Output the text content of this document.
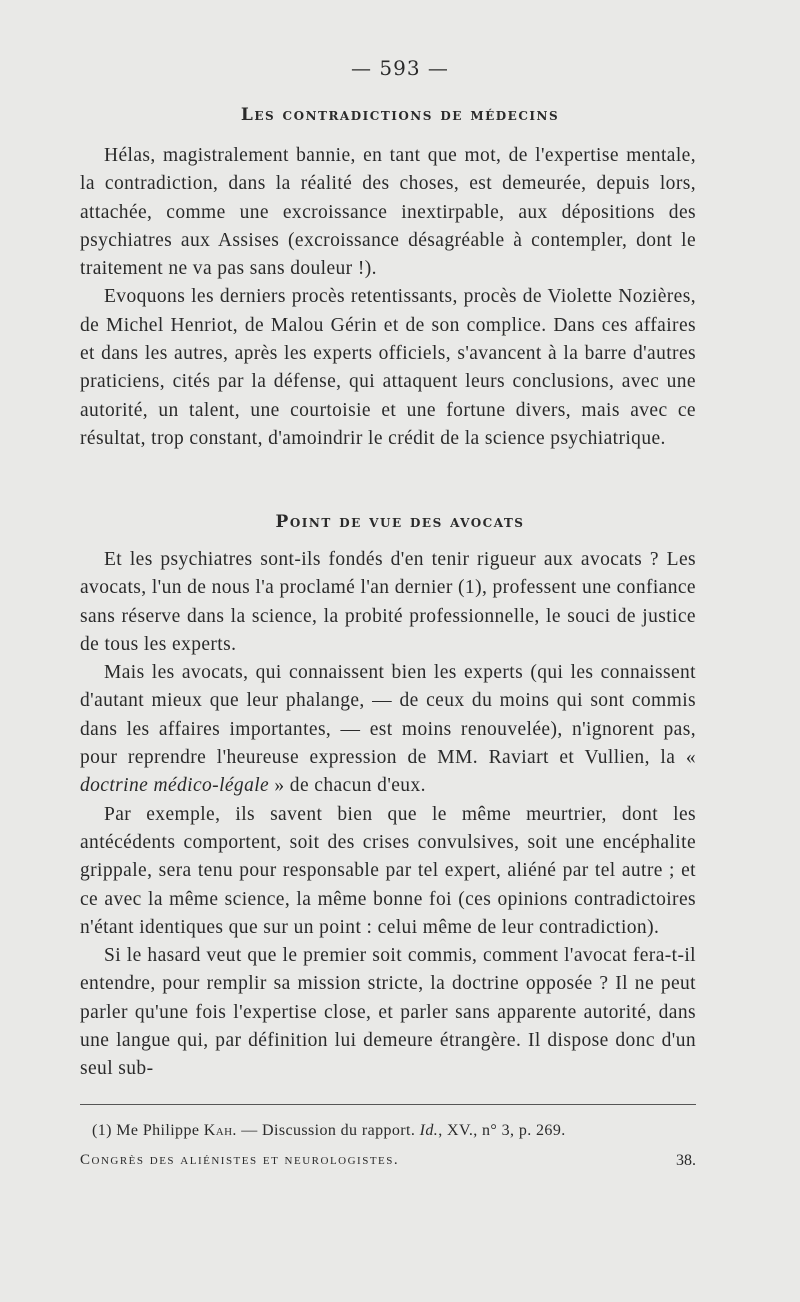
— 593 —
Les contradictions de médecins

Hélas, magistralement bannie, en tant que mot, de l'expertise mentale, la contradiction, dans la réalité des choses, est demeurée, depuis lors, attachée, comme une excroissance inextirpable, aux dépositions des psychiatres aux Assises (excroissance désagréable à contempler, dont le traitement ne va pas sans douleur !).

Evoquons les derniers procès retentissants, procès de Violette Nozières, de Michel Henriot, de Malou Gérin et de son complice. Dans ces affaires et dans les autres, après les experts officiels, s'avancent à la barre d'autres praticiens, cités par la défense, qui attaquent leurs conclusions, avec une autorité, un talent, une courtoisie et une fortune divers, mais avec ce résultat, trop constant, d'amoindrir le crédit de la science psychiatrique.

Point de vue des avocats

Et les psychiatres sont-ils fondés d'en tenir rigueur aux avocats ? Les avocats, l'un de nous l'a proclamé l'an dernier (1), professent une confiance sans réserve dans la science, la probité professionnelle, le souci de justice de tous les experts.

Mais les avocats, qui connaissent bien les experts (qui les connaissent d'autant mieux que leur phalange, — de ceux du moins qui sont commis dans les affaires importantes, — est moins renouvelée), n'ignorent pas, pour reprendre l'heureuse expression de MM. Raviart et Vullien, la « doctrine médico-légale » de chacun d'eux.

Par exemple, ils savent bien que le même meurtrier, dont les antécédents comportent, soit des crises convulsives, soit une encéphalite grippale, sera tenu pour responsable par tel expert, aliéné par tel autre ; et ce avec la même science, la même bonne foi (ces opinions contradictoires n'étant identiques que sur un point : celui même de leur contradiction).

Si le hasard veut que le premier soit commis, comment l'avocat fera-t-il entendre, pour remplir sa mission stricte, la doctrine opposée ? Il ne peut parler qu'une fois l'expertise close, et parler sans apparente autorité, dans une langue qui, par définition lui demeure étrangère. Il dispose donc d'un seul sub-

(1) Me Philippe Kah. — Discussion du rapport. Id., XV., n° 3, p. 269.
Congrès des aliénistes et neurologistes.	38.
